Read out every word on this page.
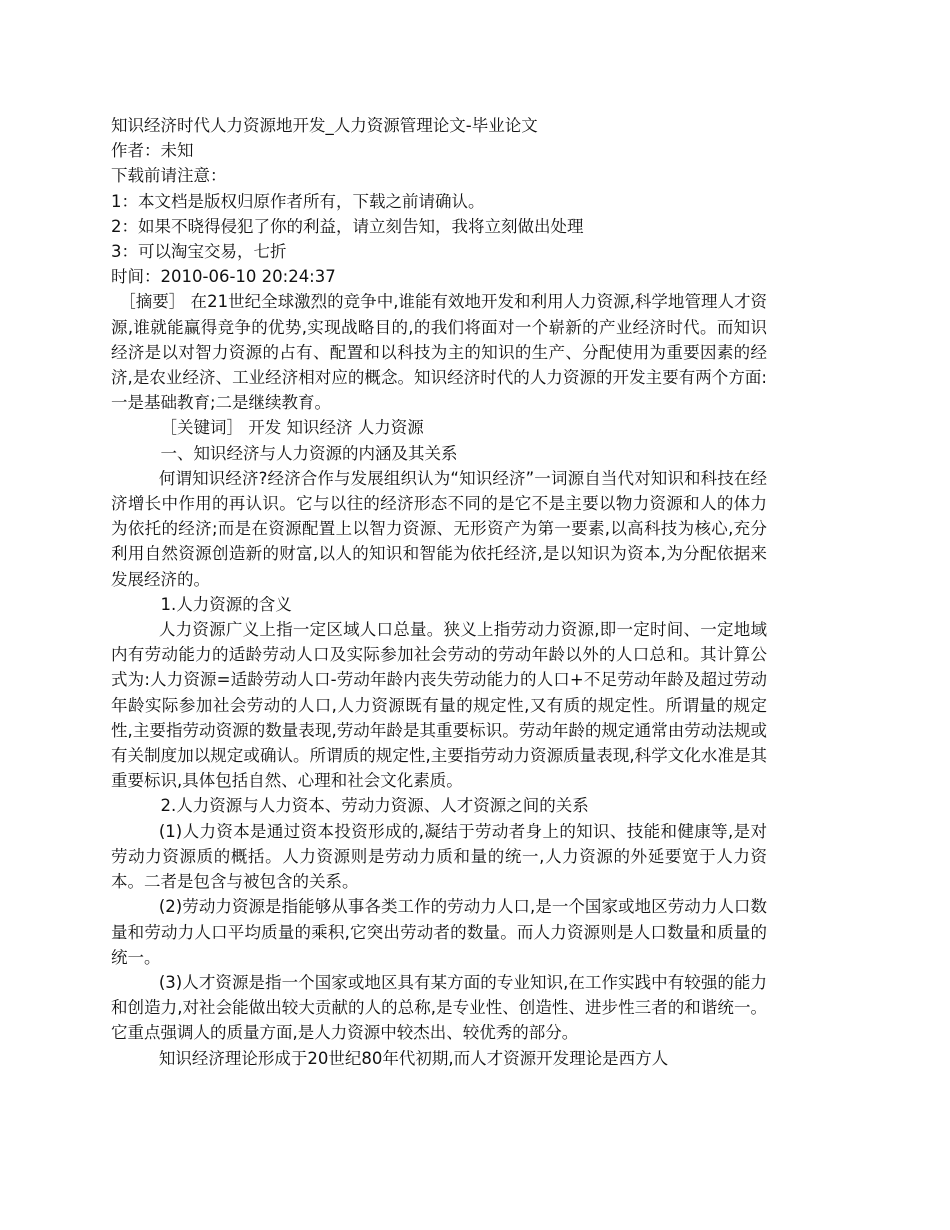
知识经济时代人力资源地开发_人力资源管理论文-毕业论文
作者：未知
下载前请注意：
1：本文档是版权归原作者所有，下载之前请确认。
2：如果不晓得侵犯了你的利益，请立刻告知，我将立刻做出处理
3：可以淘宝交易，七折
时间：2010-06-10 20:24:37
［摘要］ 在21世纪全球激烈的竞争中,谁能有效地开发和利用人力资源,科学地管理人才资源,谁就能赢得竞争的优势,实现战略目的,的我们将面对一个崭新的产业经济时代。而知识经济是以对智力资源的占有、配置和以科技为主的知识的生产、分配使用为重要因素的经济,是农业经济、工业经济相对应的概念。知识经济时代的人力资源的开发主要有两个方面:一是基础教育;二是继续教育。
［关键词］ 开发 知识经济 人力资源
一、知识经济与人力资源的内涵及其关系
何谓知识经济?经济合作与发展组织认为“知识经济”一词源自当代对知识和科技在经济增长中作用的再认识。它与以往的经济形态不同的是它不是主要以物力资源和人的体力为依托的经济;而是在资源配置上以智力资源、无形资产为第一要素,以高科技为核心,充分利用自然资源创造新的财富,以人的知识和智能为依托经济,是以知识为资本,为分配依据来发展经济的。
1.人力资源的含义
人力资源广义上指一定区域人口总量。狭义上指劳动力资源,即一定时间、一定地域内有劳动能力的适龄劳动人口及实际参加社会劳动的劳动年龄以外的人口总和。其计算公式为:人力资源=适龄劳动人口-劳动年龄内丧失劳动能力的人口+不足劳动年龄及超过劳动年龄实际参加社会劳动的人口,人力资源既有量的规定性,又有质的规定性。所谓量的规定性,主要指劳动资源的数量表现,劳动年龄是其重要标识。劳动年龄的规定通常由劳动法规或有关制度加以规定或确认。所谓质的规定性,主要指劳动力资源质量表现,科学文化水准是其重要标识,具体包括自然、心理和社会文化素质。
2.人力资源与人力资本、劳动力资源、人才资源之间的关系
(1)人力资本是通过资本投资形成的,凝结于劳动者身上的知识、技能和健康等,是对劳动力资源质的概括。人力资源则是劳动力质和量的统一,人力资源的外延要宽于人力资本。二者是包含与被包含的关系。
(2)劳动力资源是指能够从事各类工作的劳动力人口,是一个国家或地区劳动力人口数量和劳动力人口平均质量的乘积,它突出劳动者的数量。而人力资源则是人口数量和质量的统一。
(3)人才资源是指一个国家或地区具有某方面的专业知识,在工作实践中有较强的能力和创造力,对社会能做出较大贡献的人的总称,是专业性、创造性、进步性三者的和谐统一。它重点强调人的质量方面,是人力资源中较杰出、较优秀的部分。
知识经济理论形成于20世纪80年代初期,而人才资源开发理论是西方人
